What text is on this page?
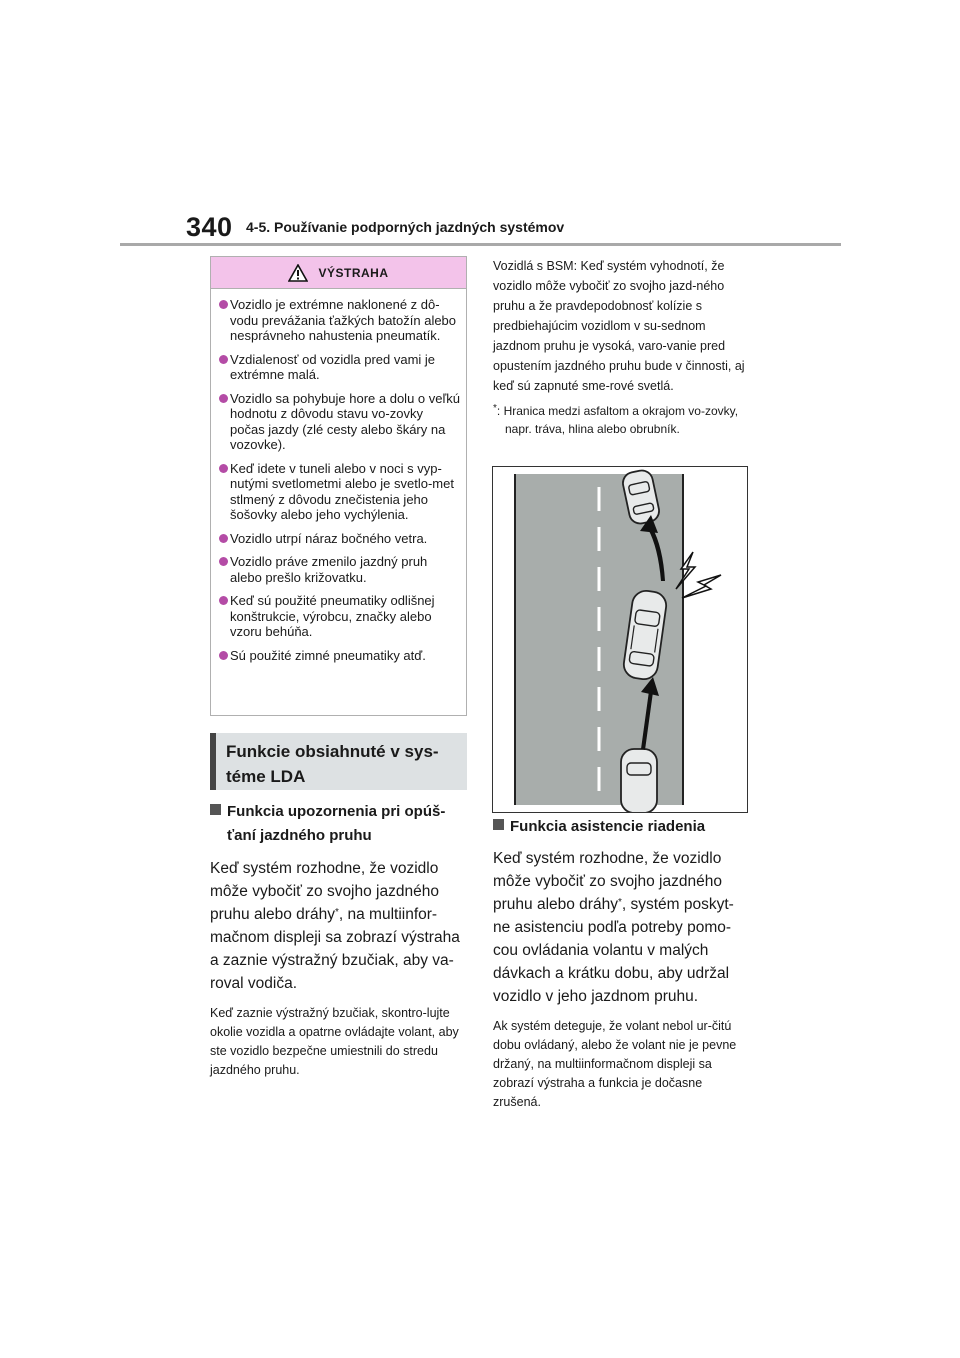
340 4-5. Používanie podporných jazdných systémov
VÝSTRAHA
Vozidlo je extrémne naklonené z dô-vodu prevážania ťažkých batožín alebo nesprávneho nahustenia pneumatík.
Vzdialenosť od vozidla pred vami je extrémne malá.
Vozidlo sa pohybuje hore a dolu o veľkú hodnotu z dôvodu stavu vo-zovky počas jazdy (zlé cesty alebo škáry na vozovke).
Keď idete v tuneli alebo v noci s vyp-nutými svetlometmi alebo je svetlo-met stlmený z dôvodu znečistenia jeho šošovky alebo jeho vychýlenia.
Vozidlo utrpí náraz bočného vetra.
Vozidlo práve zmenilo jazdný pruh alebo prešlo križovatku.
Keď sú použité pneumatiky odlišnej konštrukcie, výrobcu, značky alebo vzoru behúňa.
Sú použité zimné pneumatiky atď.
Funkcie obsiahnuté v sys-
téme LDA
Funkcia upozornenia pri opúš-
ťaní jazdného pruhu
Keď systém rozhodne, že vozidlo môže vybočiť zo svojho jazdného pruhu alebo dráhy*, na multiinfor-mačnom displeji sa zobrazí výstraha a zaznie výstražný bzučiak, aby va-roval vodiča.
Keď zaznie výstražný bzučiak, skontro-lujte okolie vozidla a opatrne ovládajte volant, aby ste vozidlo bezpečne umiestnili do stredu jazdného pruhu.
Vozidlá s BSM: Keď systém vyhodnotí, že vozidlo môže vybočiť zo svojho jazd-ného pruhu a že pravdepodobnosť kolízie s predbiehajúcim vozidlom v su-sednom jazdnom pruhu je vysoká, varo-vanie pred opustením jazdného pruhu bude v činnosti, aj keď sú zapnuté sme-rové svetlá.
*: Hranica medzi asfaltom a okrajom vo-zovky, napr. tráva, hlina alebo obrubník.
Funkcia asistencie riadenia
Keď systém rozhodne, že vozidlo môže vybočiť zo svojho jazdného pruhu alebo dráhy*, systém poskyt-ne asistenciu podľa potreby pomo-cou ovládania volantu v malých dávkach a krátku dobu, aby udržal vozidlo v jeho jazdnom pruhu.
Ak systém deteguje, že volant nebol ur-čitú dobu ovládaný, alebo že volant nie je pevne držaný, na multiinformačnom displeji sa zobrazí výstraha a funkcia je dočasne zrušená.
